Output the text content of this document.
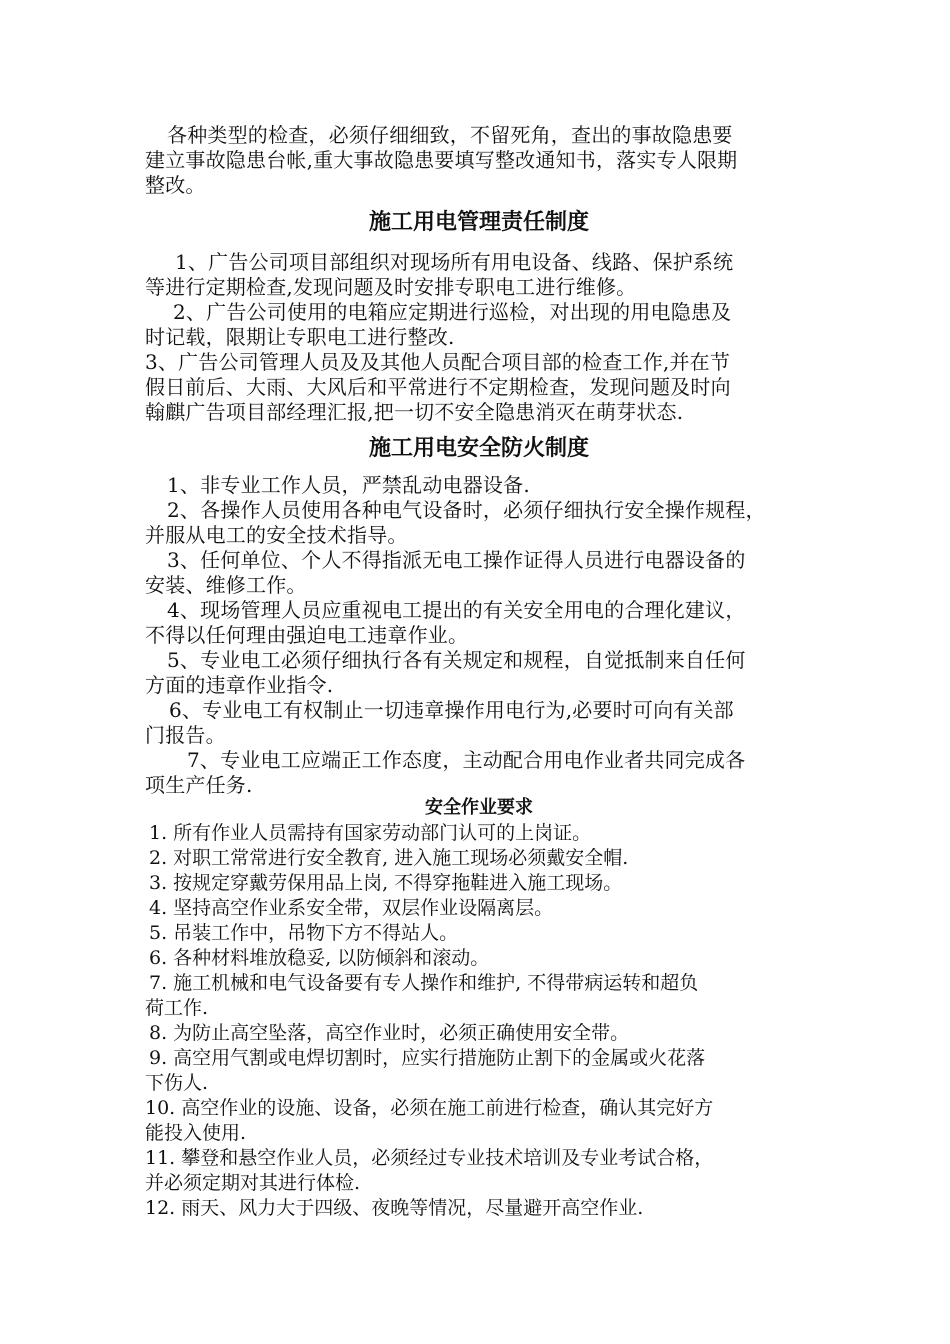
各种类型的检查，必须仔细细致，不留死角，查出的事故隐患要
建立事故隐患台帐,重大事故隐患要填写整改通知书，落实专人限期
整改。
施工用电管理责任制度
1、广告公司项目部组织对现场所有用电设备、线路、保护系统
等进行定期检查,发现问题及时安排专职电工进行维修。
2、广告公司使用的电箱应定期进行巡检，对出现的用电隐患及
时记载，限期让专职电工进行整改.
3、广告公司管理人员及及其他人员配合项目部的检查工作,并在节
假日前后、大雨、大风后和平常进行不定期检查，发现问题及时向
翰麒广告项目部经理汇报,把一切不安全隐患消灭在萌芽状态.
施工用电安全防火制度
1、非专业工作人员，严禁乱动电器设备.
2、各操作人员使用各种电气设备时，必须仔细执行安全操作规程，
并服从电工的安全技术指导。
3、任何单位、个人不得指派无电工操作证得人员进行电器设备的
安装、维修工作。
4、现场管理人员应重视电工提出的有关安全用电的合理化建议，
不得以任何理由强迫电工违章作业。
5、专业电工必须仔细执行各有关规定和规程，自觉抵制来自任何
方面的违章作业指令.
6、专业电工有权制止一切违章操作用电行为,必要时可向有关部
门报告。
7、专业电工应端正工作态度，主动配合用电作业者共同完成各
项生产任务.
安全作业要求
1. 所有作业人员需持有国家劳动部门认可的上岗证。
2. 对职工常常进行安全教育, 进入施工现场必须戴安全帽.
3. 按规定穿戴劳保用品上岗, 不得穿拖鞋进入施工现场。
4. 坚持高空作业系安全带，双层作业设隔离层。
5. 吊装工作中，吊物下方不得站人。
6. 各种材料堆放稳妥, 以防倾斜和滚动。
7. 施工机械和电气设备要有专人操作和维护, 不得带病运转和超负
荷工作.
8. 为防止高空坠落，高空作业时，必须正确使用安全带。
9. 高空用气割或电焊切割时，应实行措施防止割下的金属或火花落
下伤人.
10. 高空作业的设施、设备，必须在施工前进行检查，确认其完好方
能投入使用.
11. 攀登和悬空作业人员，必须经过专业技术培训及专业考试合格，
并必须定期对其进行体检.
12. 雨天、风力大于四级、夜晚等情况，尽量避开高空作业.
